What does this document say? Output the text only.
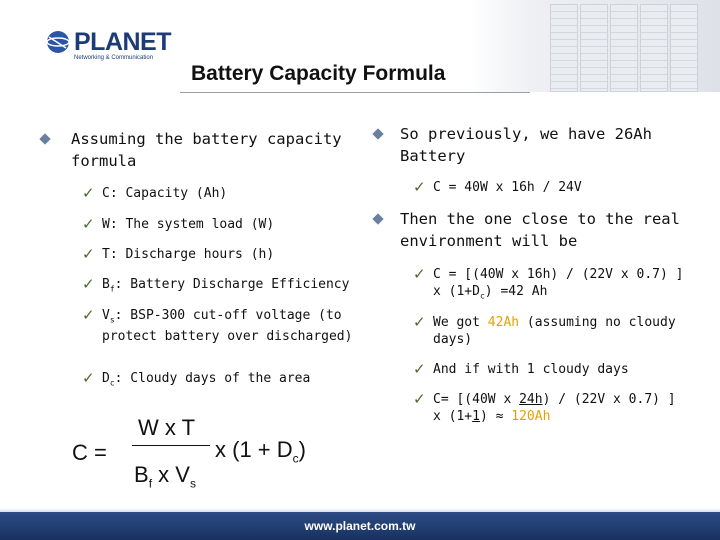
PLANET
Networking & Communication
Battery Capacity Formula
Assuming the battery capacity formula
✓ C: Capacity (Ah)
✓ W: The system load (W)
✓ T: Discharge hours (h)
✓ $B_f$: Battery Discharge Efficiency
✓ $V_s$: BSP-300 cut-off voltage (to protect battery over discharged)
✓ $D_c$: Cloudy days of the area
C =
W x T
$B_f$ x $V_s$
x $(1 + D_c)$
So previously, we have 26Ah Battery
✓ C = 40W x 16h / 24V
Then the one close to the real environment will be
✓ C = [(40W x 16h) / (22V x 0.7) ] x $(1+D_c) =42$ Ah
✓ We got 42Ah (assuming no cloudy days)
✓ And if with 1 cloudy days
✓ C= [(40W x 24h) / (22V x 0.7) ] x (1+1) ≈ 120Ah
www.planet.com.tw
